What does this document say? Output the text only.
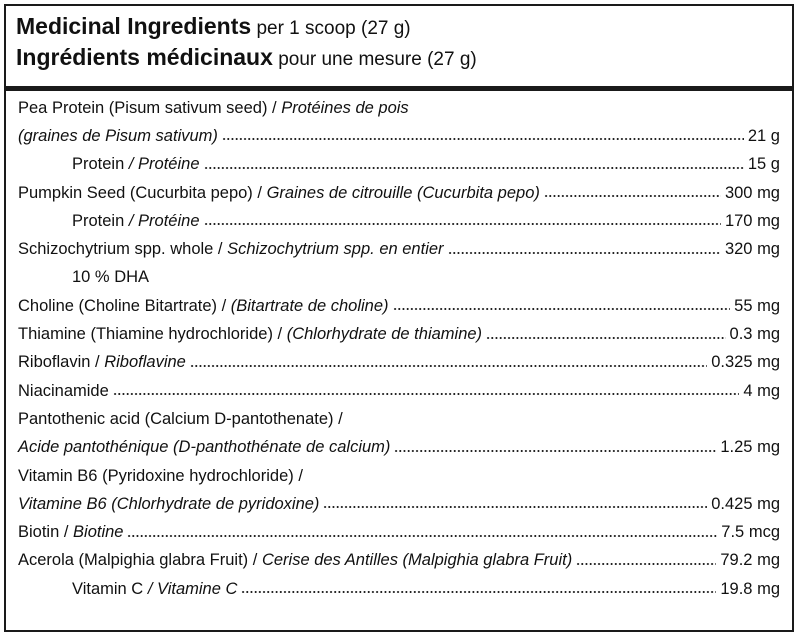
Medicinal Ingredients per 1 scoop (27 g)
Ingrédients médicinaux pour une mesure (27 g)
Pea Protein (Pisum sativum seed) / Protéines de pois
(graines de Pisum sativum)	21 g
Protein / Protéine	15 g
Pumpkin Seed (Cucurbita pepo) / Graines de citrouille (Cucurbita pepo)	300 mg
Protein / Protéine	170 mg
Schizochytrium spp. whole / Schizochytrium spp. en entier	320 mg
10 % DHA
Choline (Choline Bitartrate) / (Bitartrate de choline)	55 mg
Thiamine (Thiamine hydrochloride) / (Chlorhydrate de thiamine)	0.3 mg
Riboflavin / Riboflavine	0.325 mg
Niacinamide	4 mg
Pantothenic acid (Calcium D-pantothenate) /
Acide pantothénique (D-panthothénate de calcium)	1.25 mg
Vitamin B6 (Pyridoxine hydrochloride) /
Vitamine B6 (Chlorhydrate de pyridoxine)	0.425 mg
Biotin / Biotine	7.5 mcg
Acerola (Malpighia glabra Fruit) / Cerise des Antilles (Malpighia glabra Fruit)	79.2 mg
Vitamin C / Vitamine C	19.8 mg
